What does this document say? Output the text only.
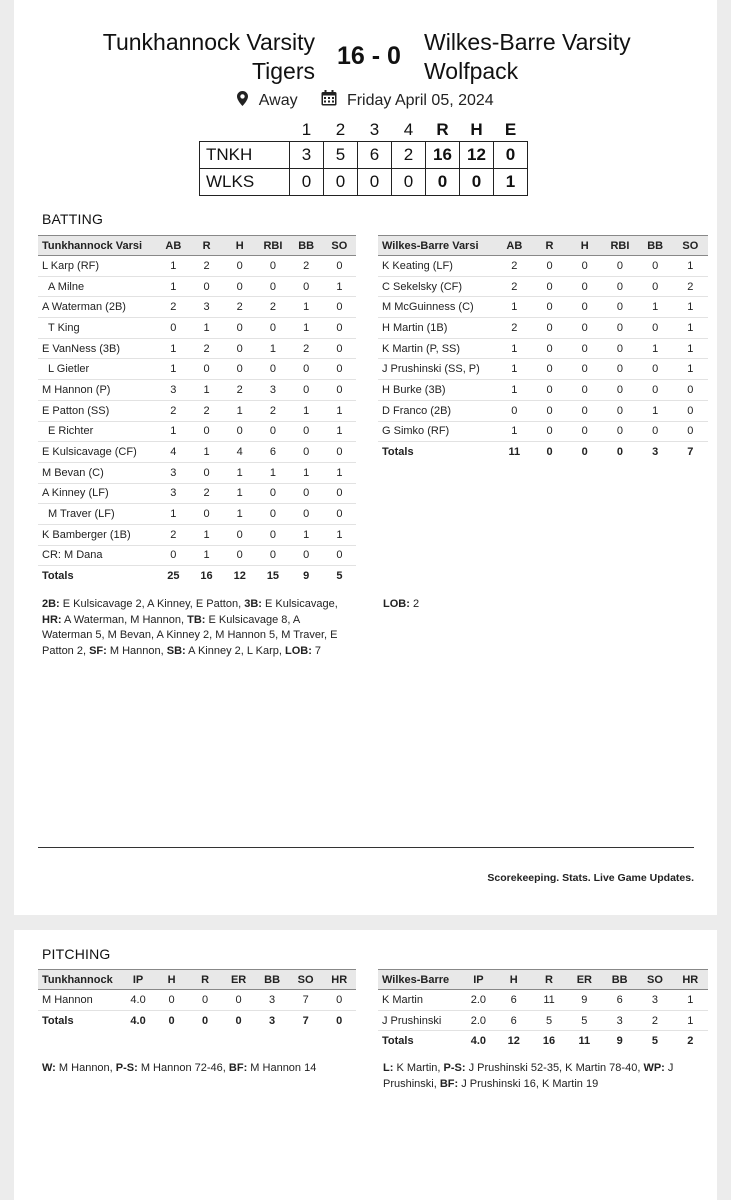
Tunkhannock Varsity
Tigers
16 - 0	Wilkes-Barre Varsity
Wolfpack
Away	Friday April 05, 2024
	1	2	3	4	R	H	E
TNKH	3	5	6	2	16	12	0
WLKS	0	0	0	0	0	0	1
BATTING
Tunkhannock Varsi	AB	R	H	RBI	BB	SO
L Karp (RF)	1	2	0	0	2	0
A Milne	1	0	0	0	0	1
A Waterman (2B)	2	3	2	2	1	0
T King	0	1	0	0	1	0
E VanNess (3B)	1	2	0	1	2	0
L Gietler	1	0	0	0	0	0
M Hannon (P)	3	1	2	3	0	0
E Patton (SS)	2	2	1	2	1	1
E Richter	1	0	0	0	0	1
E Kulsicavage (CF)	4	1	4	6	0	0
M Bevan (C)	3	0	1	1	1	1
A Kinney (LF)	3	2	1	0	0	0
M Traver (LF)	1	0	1	0	0	0
K Bamberger (1B)	2	1	0	0	1	1
CR: M Dana	0	1	0	0	0	0
Totals	25	16	12	15	9	5
Wilkes-Barre Varsi	AB	R	H	RBI	BB	SO
K Keating (LF)	2	0	0	0	0	1
C Sekelsky (CF)	2	0	0	0	0	2
M McGuinness (C)	1	0	0	0	1	1
H Martin (1B)	2	0	0	0	0	1
K Martin (P, SS)	1	0	0	0	1	1
J Prushinski (SS, P)	1	0	0	0	0	1
H Burke (3B)	1	0	0	0	0	0
D Franco (2B)	0	0	0	0	1	0
G Simko (RF)	1	0	0	0	0	0
Totals	11	0	0	0	3	7
2B: E Kulsicavage 2, A Kinney, E Patton, 3B: E Kulsicavage, HR: A Waterman, M Hannon, TB: E Kulsicavage 8, A Waterman 5, M Bevan, A Kinney 2, M Hannon 5, M Traver, E Patton 2, SF: M Hannon, SB: A Kinney 2, L Karp, LOB: 7
LOB: 2
Scorekeeping. Stats. Live Game Updates.
PITCHING
Tunkhannock	IP	H	R	ER	BB	SO	HR
M Hannon	4.0	0	0	0	3	7	0
Totals	4.0	0	0	0	3	7	0
Wilkes-Barre	IP	H	R	ER	BB	SO	HR
K Martin	2.0	6	11	9	6	3	1
J Prushinski	2.0	6	5	5	3	2	1
Totals	4.0	12	16	11	9	5	2
W: M Hannon, P-S: M Hannon 72-46, BF: M Hannon 14	L: K Martin, P-S: J Prushinski 52-35, K Martin 78-40, WP: J Prushinski, BF: J Prushinski 16, K Martin 19
